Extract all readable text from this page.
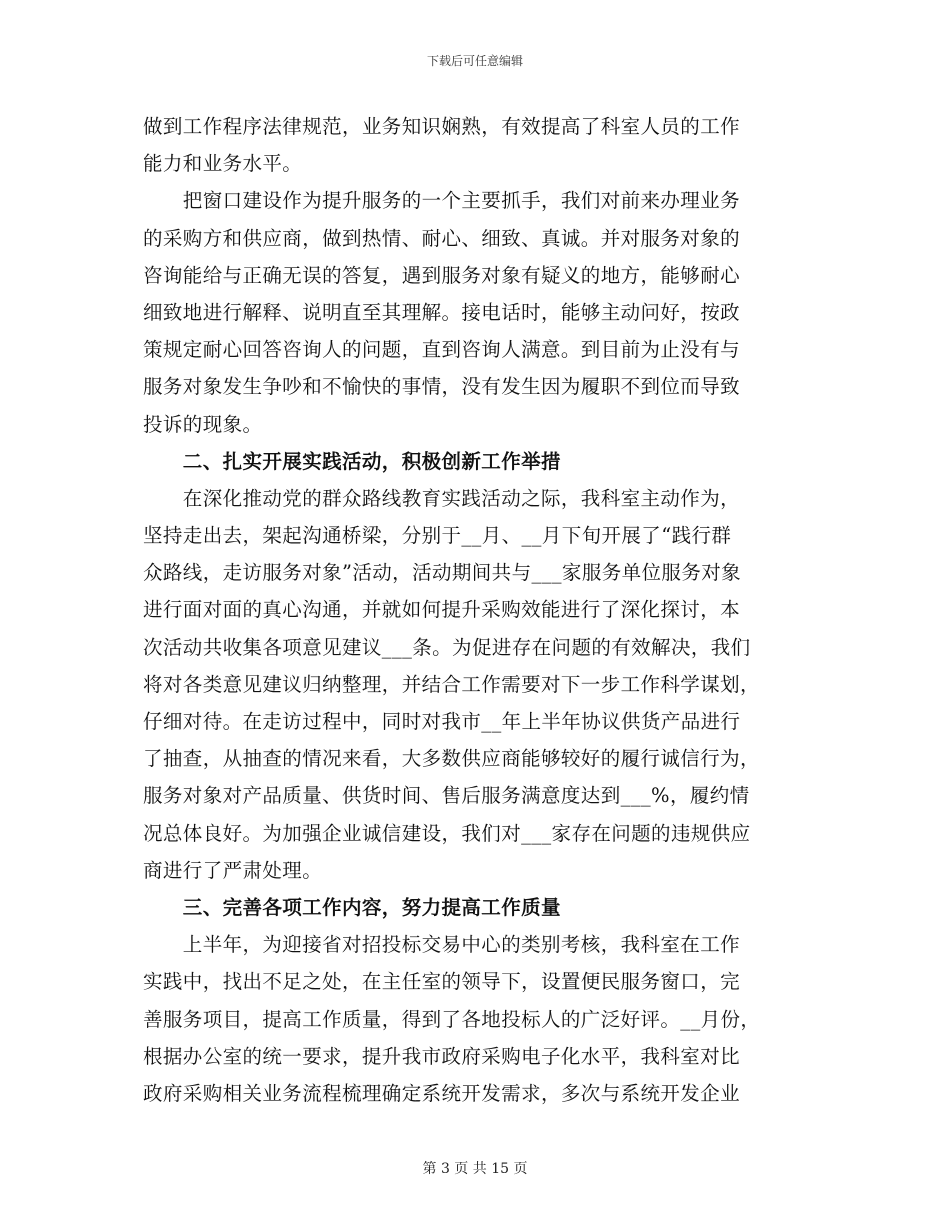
下载后可任意编辑
做到工作程序法律规范，业务知识娴熟，有效提高了科室人员的工作
能力和业务水平。
　　把窗口建设作为提升服务的一个主要抓手，我们对前来办理业务
的采购方和供应商，做到热情、耐心、细致、真诚。并对服务对象的
咨询能给与正确无误的答复，遇到服务对象有疑义的地方，能够耐心
细致地进行解释、说明直至其理解。接电话时，能够主动问好，按政
策规定耐心回答咨询人的问题，直到咨询人满意。到目前为止没有与
服务对象发生争吵和不愉快的事情，没有发生因为履职不到位而导致
投诉的现象。
　　二、扎实开展实践活动，积极创新工作举措
　　在深化推动党的群众路线教育实践活动之际，我科室主动作为，
坚持走出去，架起沟通桥梁，分别于__月、__月下旬开展了“践行群
众路线，走访服务对象”活动，活动期间共与___家服务单位服务对象
进行面对面的真心沟通，并就如何提升采购效能进行了深化探讨，本
次活动共收集各项意见建议___条。为促进存在问题的有效解决，我们
将对各类意见建议归纳整理，并结合工作需要对下一步工作科学谋划，
仔细对待。在走访过程中，同时对我市__年上半年协议供货产品进行
了抽查，从抽查的情况来看，大多数供应商能够较好的履行诚信行为，
服务对象对产品质量、供货时间、售后服务满意度达到___%，履约情
况总体良好。为加强企业诚信建设，我们对___家存在问题的违规供应
商进行了严肃处理。
　　三、完善各项工作内容，努力提高工作质量
　　上半年，为迎接省对招投标交易中心的类别考核，我科室在工作
实践中，找出不足之处，在主任室的领导下，设置便民服务窗口，完
善服务项目，提高工作质量，得到了各地投标人的广泛好评。__月份，
根据办公室的统一要求，提升我市政府采购电子化水平，我科室对比
政府采购相关业务流程梳理确定系统开发需求，多次与系统开发企业
第 3 页 共 15 页
